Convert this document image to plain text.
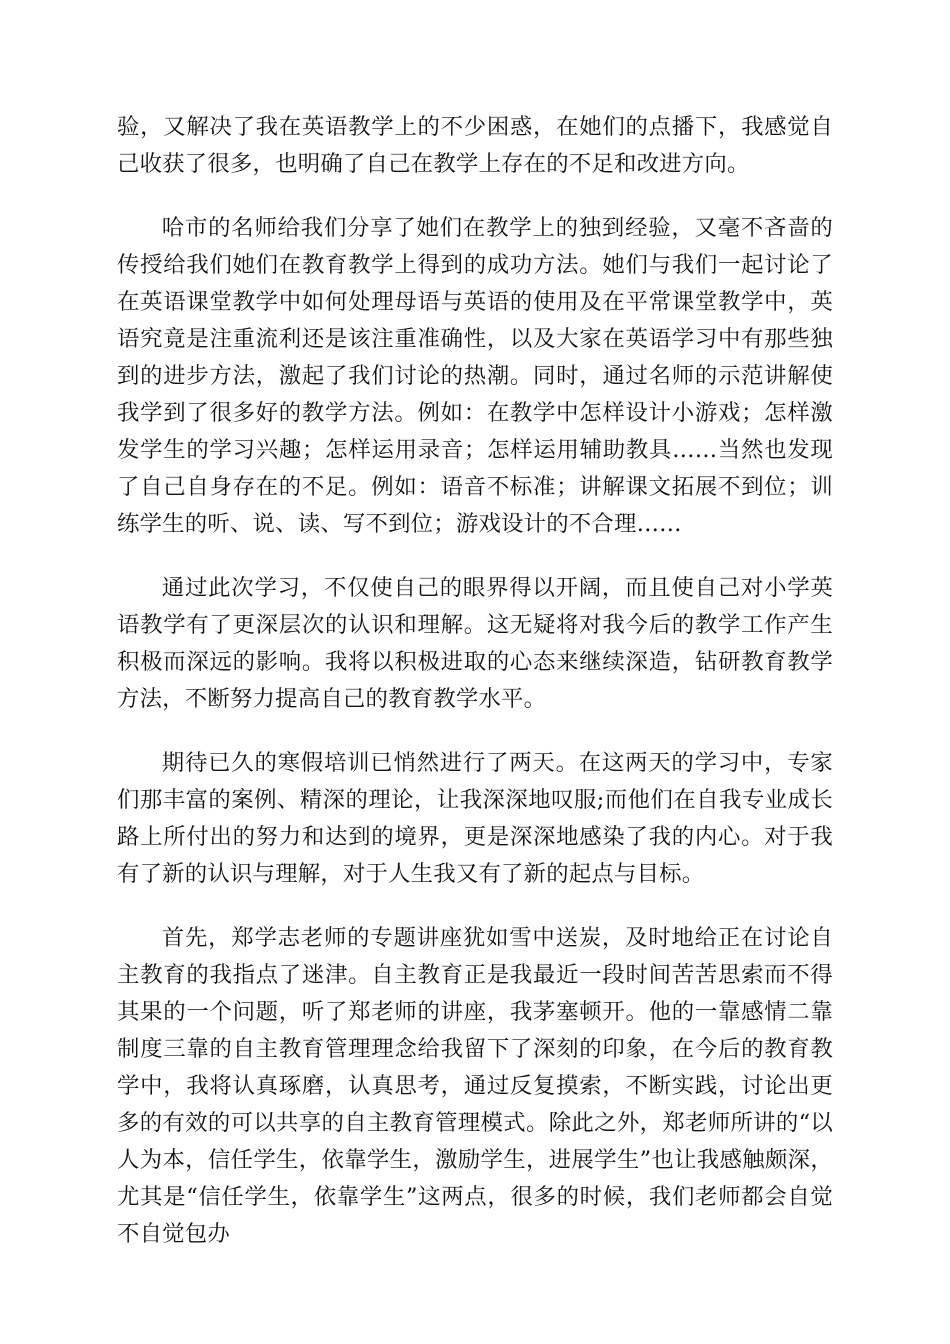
验，又解决了我在英语教学上的不少困惑，在她们的点播下，我感觉自己收获了很多，也明确了自己在教学上存在的不足和改进方向。

哈市的名师给我们分享了她们在教学上的独到经验，又毫不吝啬的传授给我们她们在教育教学上得到的成功方法。她们与我们一起讨论了在英语课堂教学中如何处理母语与英语的使用及在平常课堂教学中，英语究竟是注重流利还是该注重准确性，以及大家在英语学习中有那些独到的进步方法，激起了我们讨论的热潮。同时，通过名师的示范讲解使我学到了很多好的教学方法。例如：在教学中怎样设计小游戏；怎样激发学生的学习兴趣；怎样运用录音；怎样运用辅助教具……当然也发现了自己自身存在的不足。例如：语音不标准；讲解课文拓展不到位；训练学生的听、说、读、写不到位；游戏设计的不合理……

通过此次学习，不仅使自己的眼界得以开阔，而且使自己对小学英语教学有了更深层次的认识和理解。这无疑将对我今后的教学工作产生积极而深远的影响。我将以积极进取的心态来继续深造，钻研教育教学方法，不断努力提高自己的教育教学水平。

期待已久的寒假培训已悄然进行了两天。在这两天的学习中，专家们那丰富的案例、精深的理论，让我深深地叹服;而他们在自我专业成长路上所付出的努力和达到的境界，更是深深地感染了我的内心。对于我有了新的认识与理解，对于人生我又有了新的起点与目标。

首先，郑学志老师的专题讲座犹如雪中送炭，及时地给正在讨论自主教育的我指点了迷津。自主教育正是我最近一段时间苦苦思索而不得其果的一个问题，听了郑老师的讲座，我茅塞顿开。他的一靠感情二靠制度三靠的自主教育管理理念给我留下了深刻的印象，在今后的教育教学中，我将认真琢磨，认真思考，通过反复摸索，不断实践，讨论出更多的有效的可以共享的自主教育管理模式。除此之外，郑老师所讲的“以人为本，信任学生，依靠学生，激励学生，进展学生”也让我感触颇深，尤其是“信任学生，依靠学生”这两点，很多的时候，我们老师都会自觉不自觉包办
